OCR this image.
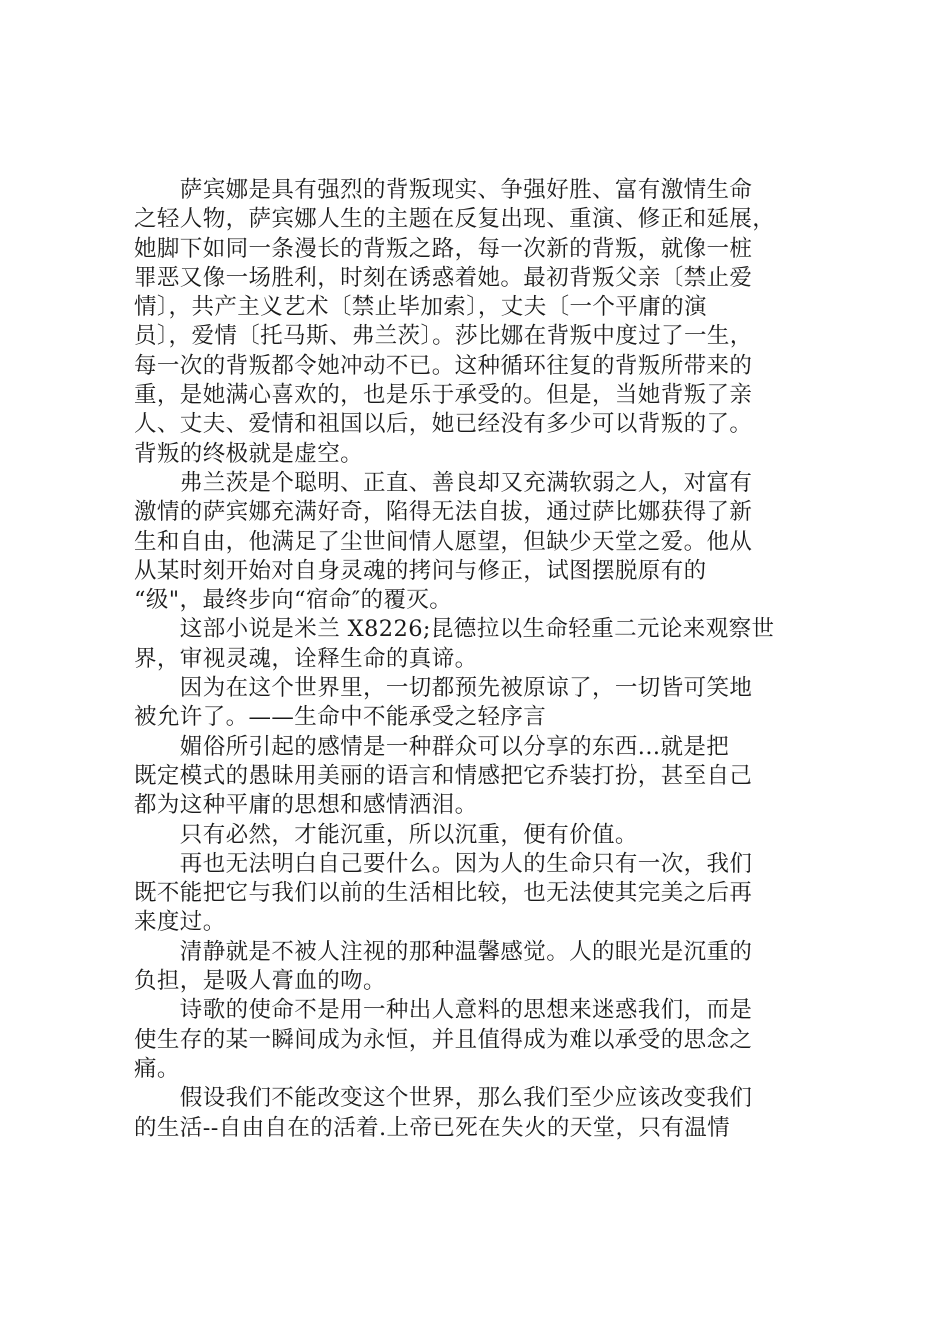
　　萨宾娜是具有强烈的背叛现实、争强好胜、富有激情生命
之轻人物，萨宾娜人生的主题在反复出现、重演、修正和延展，
她脚下如同一条漫长的背叛之路，每一次新的背叛，就像一桩
罪恶又像一场胜利，时刻在诱惑着她。最初背叛父亲〔禁止爱
情〕，共产主义艺术〔禁止毕加索〕，丈夫〔一个平庸的演
员〕，爱情〔托马斯、弗兰茨〕。莎比娜在背叛中度过了一生，
每一次的背叛都令她冲动不已。这种循环往复的背叛所带来的
重，是她满心喜欢的，也是乐于承受的。但是，当她背叛了亲
人、丈夫、爱情和祖国以后，她已经没有多少可以背叛的了。
背叛的终极就是虚空。
　　弗兰茨是个聪明、正直、善良却又充满软弱之人，对富有
激情的萨宾娜充满好奇，陷得无法自拔，通过萨比娜获得了新
生和自由，他满足了尘世间情人愿望，但缺少天堂之爱。他从
从某时刻开始对自身灵魂的拷问与修正，试图摆脱原有的
“级"，最终步向“宿命″的覆灭。
　　这部小说是米兰 X8226;昆德拉以生命轻重二元论来观察世
界，审视灵魂，诠释生命的真谛。
　　因为在这个世界里，一切都预先被原谅了，一切皆可笑地
被允许了。——生命中不能承受之轻序言
　　媚俗所引起的感情是一种群众可以分享的东西...就是把
既定模式的愚昧用美丽的语言和情感把它乔装打扮，甚至自己
都为这种平庸的思想和感情洒泪。
　　只有必然，才能沉重，所以沉重，便有价值。
　　再也无法明白自己要什么。因为人的生命只有一次，我们
既不能把它与我们以前的生活相比较，也无法使其完美之后再
来度过。
　　清静就是不被人注视的那种温馨感觉。人的眼光是沉重的
负担，是吸人膏血的吻。
　　诗歌的使命不是用一种出人意料的思想来迷惑我们，而是
使生存的某一瞬间成为永恒，并且值得成为难以承受的思念之
痛。
　　假设我们不能改变这个世界，那么我们至少应该改变我们
的生活--自由自在的活着.上帝已死在失火的天堂，只有温情
